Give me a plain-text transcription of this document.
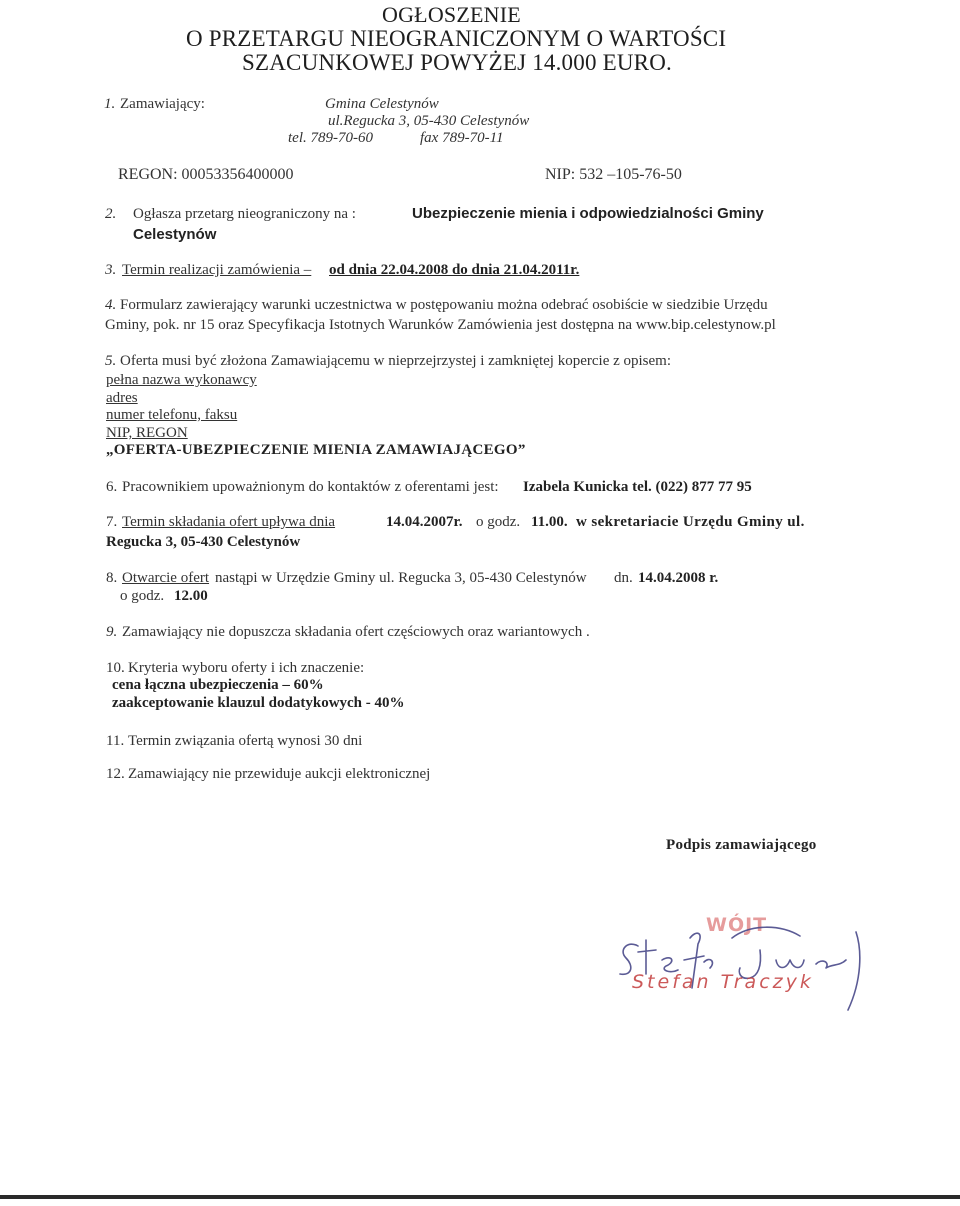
OGŁOSZENIE
O PRZETARGU NIEOGRANICZONYM O WARTOŚCI
SZACUNKOWEJ POWYŻEJ 14.000 EURO.
1. Zamawiający:	Gmina Celestynów
ul.Regucka 3, 05-430 Celestynów
tel. 789-70-60	fax 789-70-11
REGON: 00053356400000	NIP: 532 –105-76-50
2. Ogłasza przetarg nieograniczony na :	Ubezpieczenie mienia i odpowiedzialności Gminy
Celestynów
3. Termin realizacji zamówienia – od dnia 22.04.2008 do dnia 21.04.2011r.
4. Formularz zawierający warunki uczestnictwa w postępowaniu można odebrać osobiście w siedzibie Urzędu
Gminy, pok. nr 15 oraz Specyfikacja Istotnych Warunków Zamówienia jest dostępna na www.bip.celestynow.pl
5. Oferta musi być złożona Zamawiającemu w nieprzejrzystej i zamkniętej kopercie z opisem:
pełna nazwa wykonawcy
adres
numer telefonu, faksu
NIP, REGON
„OFERTA-UBEZPIECZENIE MIENIA ZAMAWIAJĄCEGO”
6. Pracownikiem upoważnionym do kontaktów z oferentami jest: Izabela Kunicka tel. (022) 877 77 95
7. Termin składania ofert upływa dnia	14.04.2007r. o godz. 11.00. w sekretariacie Urzędu Gminy ul.
Regucka 3, 05-430 Celestynów
8. Otwarcie ofert nastąpi w Urzędzie Gminy ul. Regucka 3, 05-430 Celestynów dn. 14.04.2008 r.
o godz. 12.00
9. Zamawiający nie dopuszcza składania ofert częściowych oraz wariantowych .
10. Kryteria wyboru oferty i ich znaczenie:
cena łączna ubezpieczenia – 60%
zaakceptowanie klauzul dodatykowych - 40%
11. Termin związania ofertą wynosi 30 dni
12. Zamawiający nie przewiduje aukcji elektronicznej
Podpis zamawiającego
WÓJT
Stefan Traczyk
